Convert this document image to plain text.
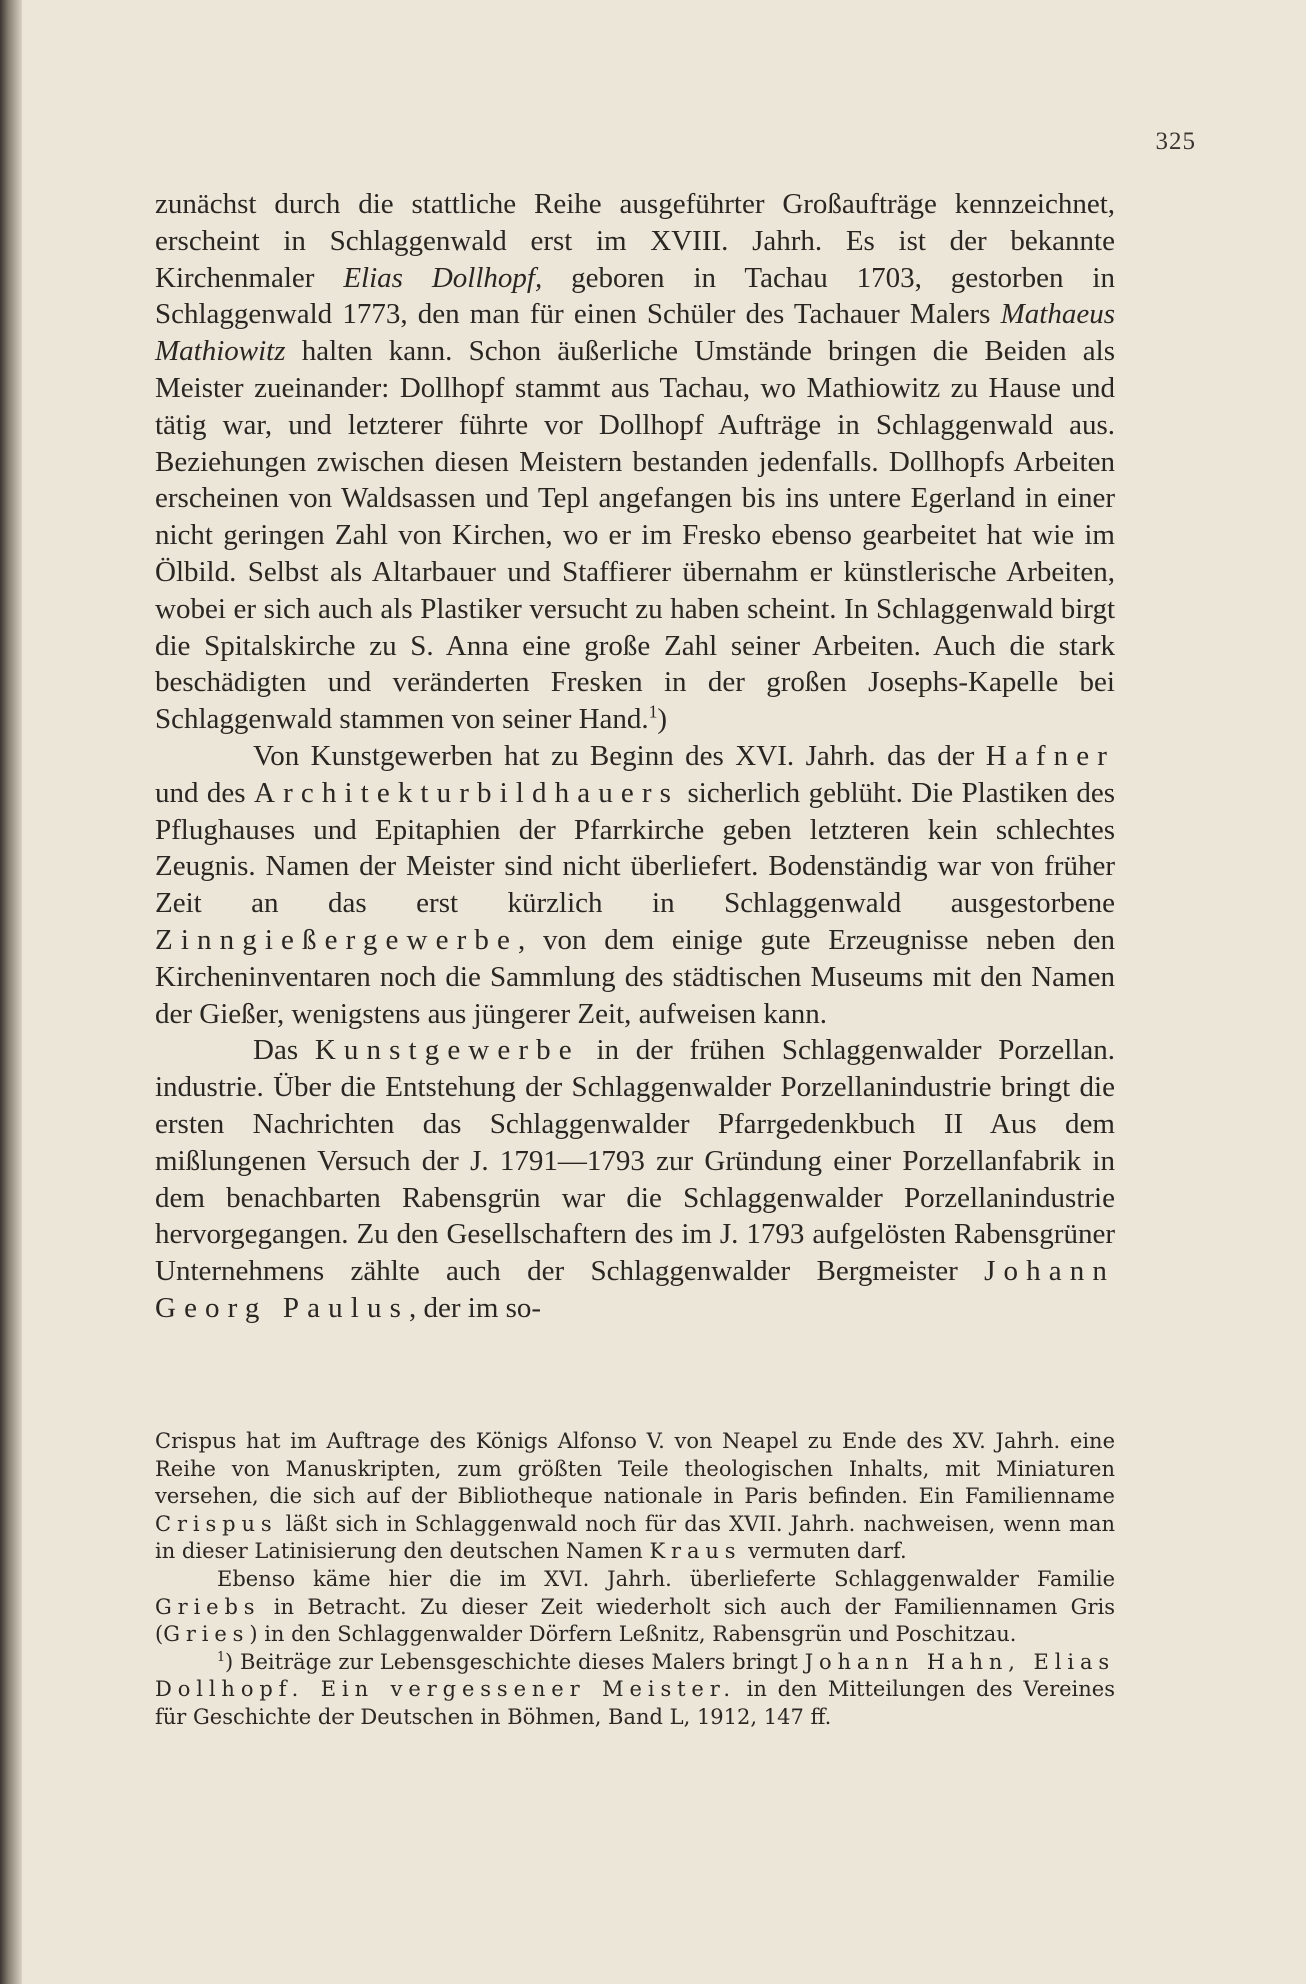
325

zunächst durch die stattliche Reihe ausgeführter Großaufträge kennzeichnet, erscheint in Schlaggenwald erst im XVIII. Jahrh. Es ist der bekannte Kirchenmaler Elias Dollhopf, geboren in Tachau 1703, gestorben in Schlaggenwald 1773, den man für einen Schüler des Tachauer Malers Mathaeus Mathiowitz halten kann. Schon äußerliche Umstände bringen die Beiden als Meister zueinander: Dollhopf stammt aus Tachau, wo Mathiowitz zu Hause und tätig war, und letzterer führte vor Dollhopf Aufträge in Schlaggenwald aus. Beziehungen zwischen diesen Meistern bestanden jedenfalls. Dollhopfs Arbeiten erscheinen von Waldsassen und Tepl angefangen bis ins untere Egerland in einer nicht geringen Zahl von Kirchen, wo er im Fresko ebenso gearbeitet hat wie im Ölbild. Selbst als Altarbauer und Staffierer übernahm er künstlerische Arbeiten, wobei er sich auch als Plastiker versucht zu haben scheint. In Schlaggenwald birgt die Spitalskirche zu S. Anna eine große Zahl seiner Arbeiten. Auch die stark beschädigten und veränderten Fresken in der großen Josephs-Kapelle bei Schlaggenwald stammen von seiner Hand.$^1$)

Von Kunstgewerben hat zu Beginn des XVI. Jahrh. das der Hafner und des Architekturbildhauers sicherlich geblüht. Die Plastiken des Pflughauses und Epitaphien der Pfarrkirche geben letzteren kein schlechtes Zeugnis. Namen der Meister sind nicht überliefert. Bodenständig war von früher Zeit an das erst kürzlich in Schlaggenwald ausgestorbene Zinngießergewerbe, von dem einige gute Erzeugnisse neben den Kircheninventaren noch die Sammlung des städtischen Museums mit den Namen der Gießer, wenigstens aus jüngerer Zeit, aufweisen kann.

Das Kunstgewerbe in der frühen Schlaggenwalder Porzellan. industrie. Über die Entstehung der Schlaggenwalder Porzellanindustrie bringt die ersten Nachrichten das Schlaggenwalder Pfarrgedenkbuch II Aus dem mißlungenen Versuch der J. 1791—1793 zur Gründung einer Porzellanfabrik in dem benachbarten Rabensgrün war die Schlaggenwalder Porzellanindustrie hervorgegangen. Zu den Gesellschaftern des im J. 1793 aufgelösten Rabensgrüner Unternehmens zählte auch der Schlaggenwalder Bergmeister Johann Georg Paulus, der im so-

Crispus hat im Auftrage des Königs Alfonso V. von Neapel zu Ende des XV. Jahrh. eine Reihe von Manuskripten, zum größten Teile theologischen Inhalts, mit Miniaturen versehen, die sich auf der Bibliotheque nationale in Paris befinden. Ein Familienname Crispus läßt sich in Schlaggenwald noch für das XVII. Jahrh. nachweisen, wenn man in dieser Latinisierung den deutschen Namen Kraus vermuten darf.

Ebenso käme hier die im XVI. Jahrh. überlieferte Schlaggenwalder Familie Griebs in Betracht. Zu dieser Zeit wiederholt sich auch der Familiennamen Gris (Gries) in den Schlaggenwalder Dörfern Leßnitz, Rabensgrün und Poschitzau.

$^1$) Beiträge zur Lebensgeschichte dieses Malers bringt Johann Hahn, Elias Dollhopf. Ein vergessener Meister. in den Mitteilungen des Vereines für Geschichte der Deutschen in Böhmen, Band L, 1912, 147 ff.
